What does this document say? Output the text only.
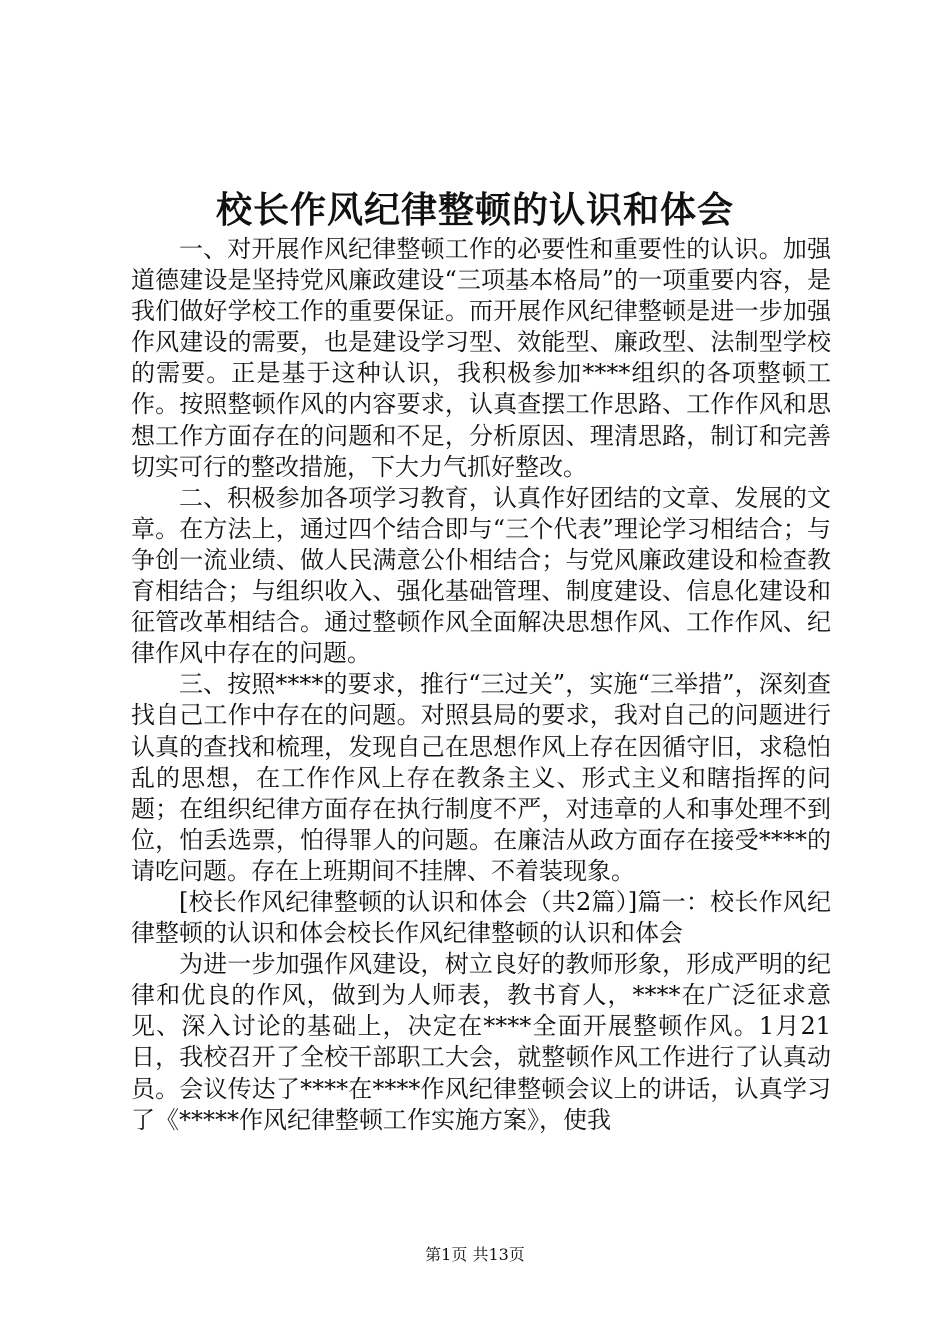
校长作风纪律整顿的认识和体会

一、对开展作风纪律整顿工作的必要性和重要性的认识。加强道德建设是坚持党风廉政建设“三项基本格局”的一项重要内容，是我们做好学校工作的重要保证。而开展作风纪律整顿是进一步加强作风建设的需要，也是建设学习型、效能型、廉政型、法制型学校的需要。正是基于这种认识，我积极参加****组织的各项整顿工作。按照整顿作风的内容要求，认真查摆工作思路、工作作风和思想工作方面存在的问题和不足，分析原因、理清思路，制订和完善切实可行的整改措施，下大力气抓好整改。

二、积极参加各项学习教育，认真作好团结的文章、发展的文章。在方法上，通过四个结合即与“三个代表”理论学习相结合；与争创一流业绩、做人民满意公仆相结合；与党风廉政建设和检查教育相结合；与组织收入、强化基础管理、制度建设、信息化建设和征管改革相结合。通过整顿作风全面解决思想作风、工作作风、纪律作风中存在的问题。

三、按照****的要求，推行“三过关”，实施“三举措”，深刻查找自己工作中存在的问题。对照县局的要求，我对自己的问题进行认真的查找和梳理，发现自己在思想作风上存在因循守旧，求稳怕乱的思想，在工作作风上存在教条主义、形式主义和瞎指挥的问题；在组织纪律方面存在执行制度不严，对违章的人和事处理不到位，怕丢选票，怕得罪人的问题。在廉洁从政方面存在接受****的请吃问题。存在上班期间不挂牌、不着装现象。

[校长作风纪律整顿的认识和体会（共2篇）]篇一：校长作风纪律整顿的认识和体会校长作风纪律整顿的认识和体会

为进一步加强作风建设，树立良好的教师形象，形成严明的纪律和优良的作风，做到为人师表，教书育人，****在广泛征求意见、深入讨论的基础上，决定在****全面开展整顿作风。1月21日，我校召开了全校干部职工大会，就整顿作风工作进行了认真动员。会议传达了****在****作风纪律整顿会议上的讲话，认真学习了《*****作风纪律整顿工作实施方案》，使我

第1页 共13页
